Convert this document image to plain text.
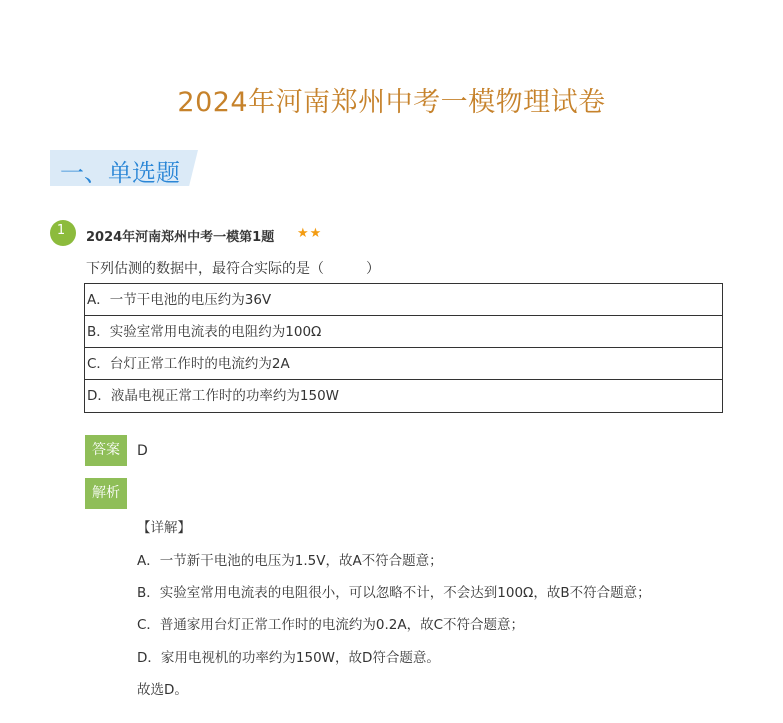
2024年河南郑州中考一模物理试卷
一、单选题
1	2024年河南郑州中考一模第1题 ★★
下列估测的数据中，最符合实际的是（　　　）
A．一节干电池的电压约为36V
B．实验室常用电流表的电阻约为100Ω
C．台灯正常工作时的电流约为2A
D．液晶电视正常工作时的功率约为150W
答案	D
解析
【详解】
A．一节新干电池的电压为1.5V，故A不符合题意；
B．实验室常用电流表的电阻很小，可以忽略不计，不会达到100Ω，故B不符合题意；
C．普通家用台灯正常工作时的电流约为0.2A，故C不符合题意；
D．家用电视机的功率约为150W，故D符合题意。
故选D。
